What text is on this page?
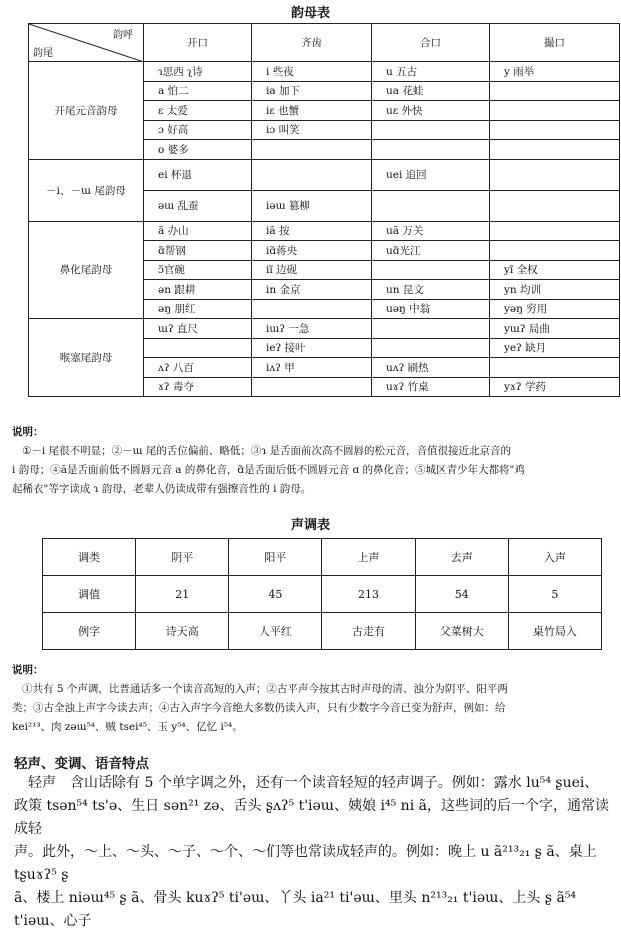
韵母表
韵呼
韵尾	开口	齐齿	合口	撮口
开尾元音韵母	ɿ思西 ʅ诗	i 些夜	u 五古	y 雨举
	a 怕二	ia 加下	ua 花蛙	
	ɛ 太爱	iɛ 也蟹	uɛ 外快	
	ɔ 好高	iɔ 叫笑		
	o 婆多			
－i、－ɯ 尾韵母	ei 杯退		uei 追回	
	əɯ 乱蚕	iəɯ 篡柳		
鼻化尾韵母	ã 办山	iã 按	uã 万关	
	ɑ̃帮钢	iɑ̃蒋央	uɑ̃光江	
	ɔ̃官碗	iĩ 边砚		yĩ 全权
	ən 跟耕	in 金京	un 昆文	yn 均训
	əŋ 朋红		uəŋ 中翁	yəŋ 穷用
喉塞尾韵母	ɯʔ 直尺	iɯʔ 一急		yɯʔ 局曲
		ieʔ 接叶		yeʔ 缺月
	ʌʔ 八百	iʌʔ 甲	uʌʔ 刷热	
	ɤʔ 毒夺		uɤʔ 竹桌	yɤʔ 学药
说明：
①－i 尾很不明显；②－ɯ 尾的舌位偏前、略低；③ɿ 是舌面前次高不圆唇的松元音，音值很接近北京音的
i 韵母；④ã是舌面前低不圆唇元音 a 的鼻化音，ɑ̃是舌面后低不圆唇元音 ɑ 的鼻化音；⑤城区青少年大都将"鸡
起稀衣"等字读成 ɿ 韵母，老辈人仍读成带有强擦音性的 i 韵母。
声调表
调类	阴平	阳平	上声	去声	入声
调值	21	45	213	54	5
例字	诗天高	人平红	古走有	父菜树大	桌竹局入
说明：
①共有 5 个声调，比普通话多一个读音高短的入声；②古平声今按其古时声母的清、浊分为阴平、阳平两
类；③古全浊上声字今读去声；④古入声字今音绝大多数仍读入声，只有少数字今音已变为舒声，例如：给
kei²¹³、肉 zəɯ⁵⁴、贼 tsei⁴⁵、玉 y⁵⁴、亿忆 i⁵⁴。
轻声、变调、语音特点
轻声　含山话除有 5 个单字调之外，还有一个读音轻短的轻声调子。例如：露水 lu⁵⁴ ʂuei、
政策 tsən⁵⁴ ts'ə、生日 sən²¹ zə、舌头 ʂʌʔ⁵ t'iəɯ、姨娘 i⁴⁵ ni ã，这些词的后一个字，通常读成轻
声。此外，～上、～头、～子、～个、～们等也常读成轻声的。例如：晚上 u ã²¹³₂₁ ʂ ã、桌上 tʂuɤʔ⁵ ʂ
ã、楼上 niəɯ⁴⁵ ʂ ã、骨头 kuɤʔ⁵ ti'əɯ、丫头 ia²¹ ti'əɯ、里头 n²¹³₂₁ t'iəɯ、上头 ʂ ã⁵⁴ t'iəɯ、心子
